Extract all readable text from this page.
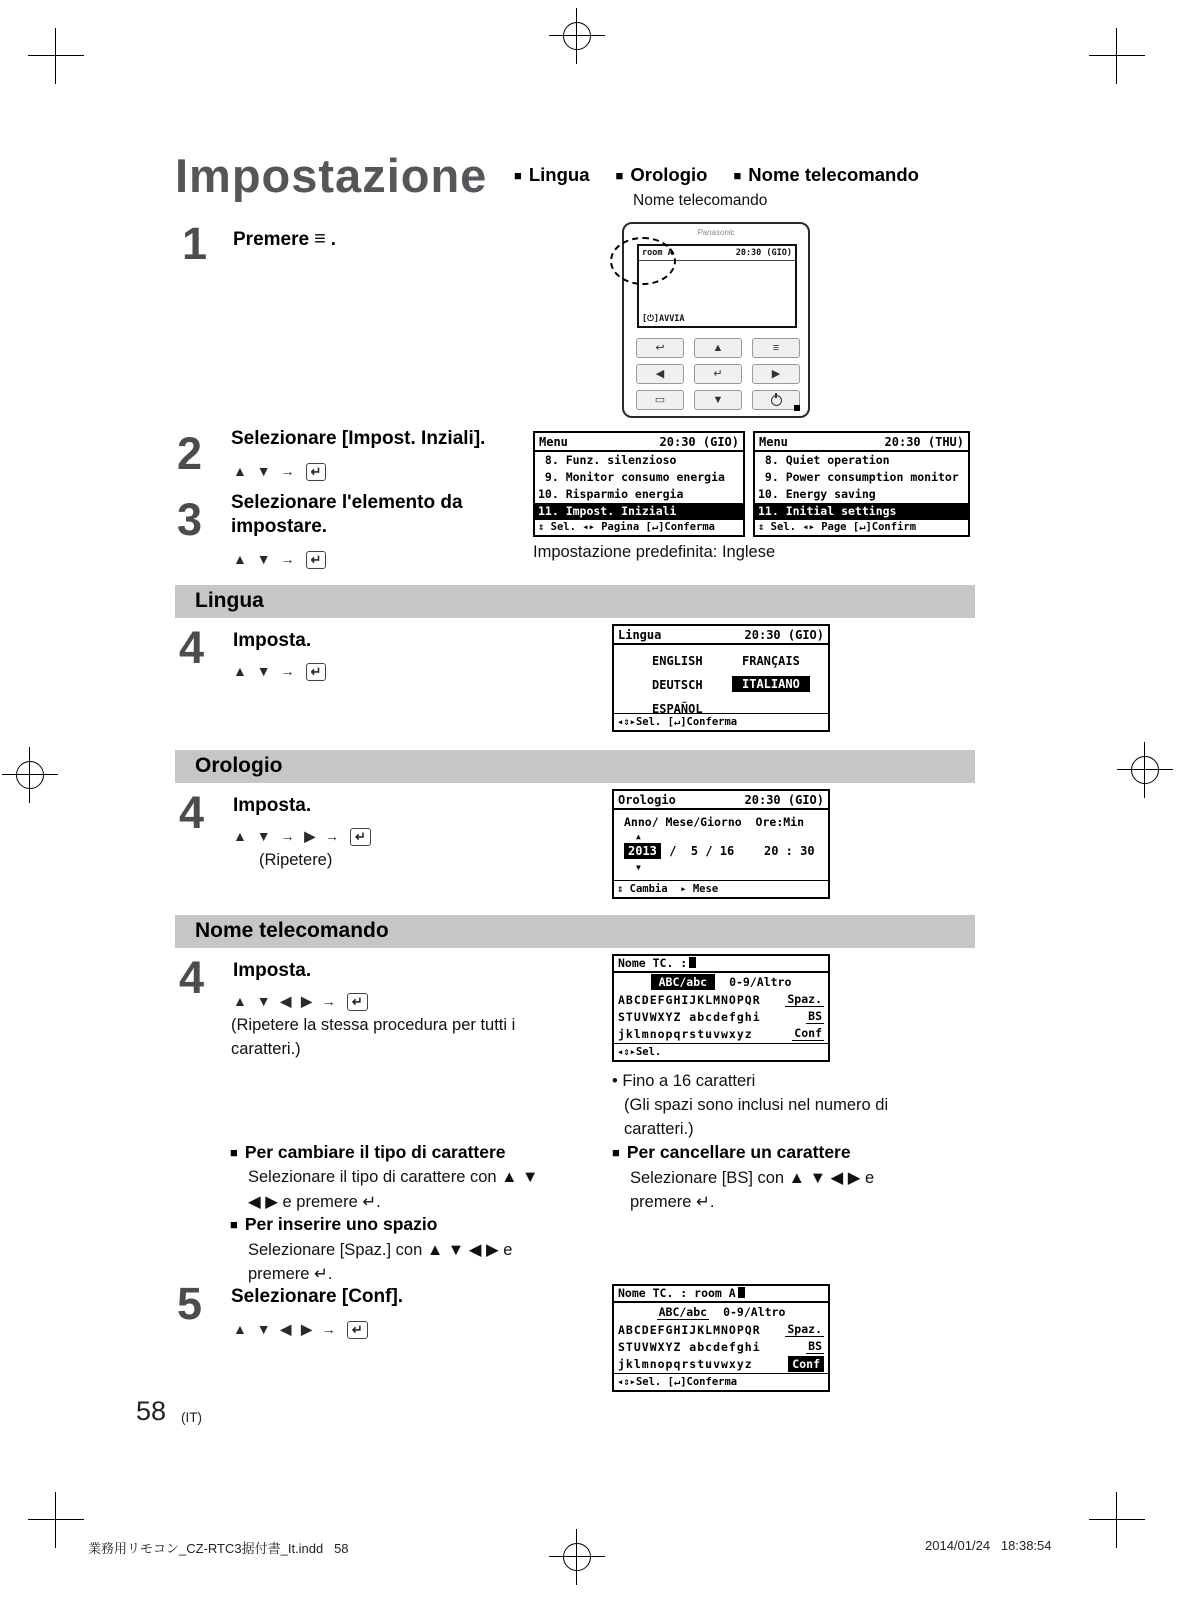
Impostazione ■ Lingua ■ Orologio ■ Nome telecomando
Nome telecomando
Panasonic
room A	20:30 (GIO)
[⏻]AVVIA
↩	▲	≡
◀	↵	▶
▭	▼
1 Premere ≡ .
2 Selezionare [Impost. Inziali].
▲ ▼ → ↵
3 Selezionare l'elemento da
impostare.
▲ ▼ → ↵
Menu	20:30 (GIO)
8. Funz. silenzioso
9. Monitor consumo energia
10. Risparmio energia
11. Impost. Iniziali
⇕ Sel. ◂▸ Pagina [↵]Conferma
Menu	20:30 (THU)
8. Quiet operation
9. Power consumption monitor
10. Energy saving
11. Initial settings
⇕ Sel. ◂▸ Page [↵]Confirm
Impostazione predefinita: Inglese
Lingua
4 Imposta.
▲ ▼ → ↵
Lingua	20:30 (GIO)
ENGLISH	FRANÇAIS
DEUTSCH	ITALIANO
ESPAÑOL
◂⇕▸Sel. [↵]Conferma
Orologio
4 Imposta.
▲ ▼ → ▶ → ↵
(Ripetere)
Orologio	20:30 (GIO)
Anno/ Mese/Giorno  Ore:Min
▲
2013 /  5 / 16 20 : 30
▼
⇕ Cambia  ▸ Mese
Nome telecomando
4 Imposta.
▲ ▼ ◀ ▶ → ↵
(Ripetere la stessa procedura per tutti i
caratteri.)
Nome TC. :
ABC/abc	0-9/Altro
ABCDEFGHIJKLMNOPQR Spaz.
STUVWXYZ abcdefghi	BS
jklmnopqrstuvwxyz	Conf
◂⇕▸Sel.
• Fino a 16 caratteri
(Gli spazi sono inclusi nel numero di
caratteri.)
■ Per cambiare il tipo di carattere
Selezionare il tipo di carattere con ▲ ▼
◀ ▶ e premere ↵.
■ Per inserire uno spazio
Selezionare [Spaz.] con ▲ ▼ ◀ ▶ e
premere ↵.
■ Per cancellare un carattere
Selezionare [BS] con ▲ ▼ ◀ ▶ e
premere ↵.
5 Selezionare [Conf].
▲ ▼ ◀ ▶ → ↵
Nome TC. : room A
ABC/abc 0-9/Altro
ABCDEFGHIJKLMNOPQR Spaz.
STUVWXYZ abcdefghi	BS
jklmnopqrstuvwxyz	Conf
◂⇕▸Sel. [↵]Conferma
58 (IT)
業務用リモコン_CZ-RTC3据付書_It.indd   58	2014/01/24   18:38:54
